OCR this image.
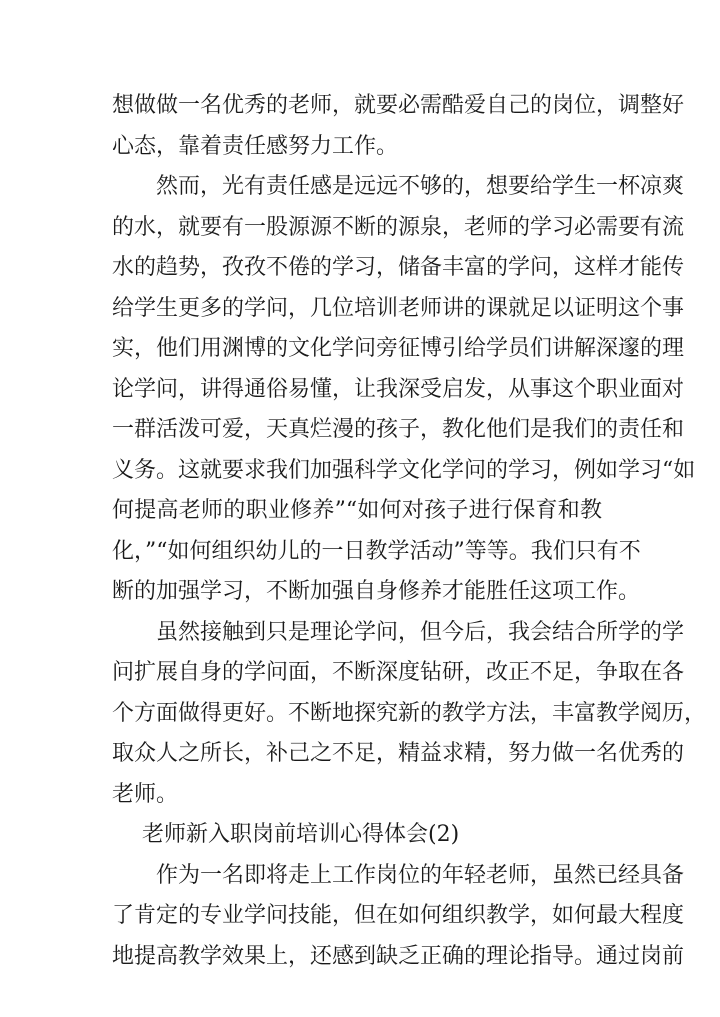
想做做一名优秀的老师，就要必需酷爱自己的岗位，调整好
心态，靠着责任感努力工作。
然而，光有责任感是远远不够的，想要给学生一杯凉爽
的水，就要有一股源源不断的源泉，老师的学习必需要有流
水的趋势，孜孜不倦的学习，储备丰富的学问，这样才能传
给学生更多的学问，几位培训老师讲的课就足以证明这个事
实，他们用渊博的文化学问旁征博引给学员们讲解深邃的理
论学问，讲得通俗易懂，让我深受启发，从事这个职业面对
一群活泼可爱，天真烂漫的孩子，教化他们是我们的责任和
义务。这就要求我们加强科学文化学问的学习，例如学习“如
何提高老师的职业修养”“如何对孩子进行保育和教
化，”“如何组织幼儿的一日教学活动”等等。我们只有不
断的加强学习，不断加强自身修养才能胜任这项工作。
虽然接触到只是理论学问，但今后，我会结合所学的学
问扩展自身的学问面，不断深度钻研，改正不足，争取在各
个方面做得更好。不断地探究新的教学方法，丰富教学阅历，
取众人之所长，补己之不足，精益求精，努力做一名优秀的
老师。
老师新入职岗前培训心得体会(2)
作为一名即将走上工作岗位的年轻老师，虽然已经具备
了肯定的专业学问技能，但在如何组织教学，如何最大程度
地提高教学效果上，还感到缺乏正确的理论指导。通过岗前
